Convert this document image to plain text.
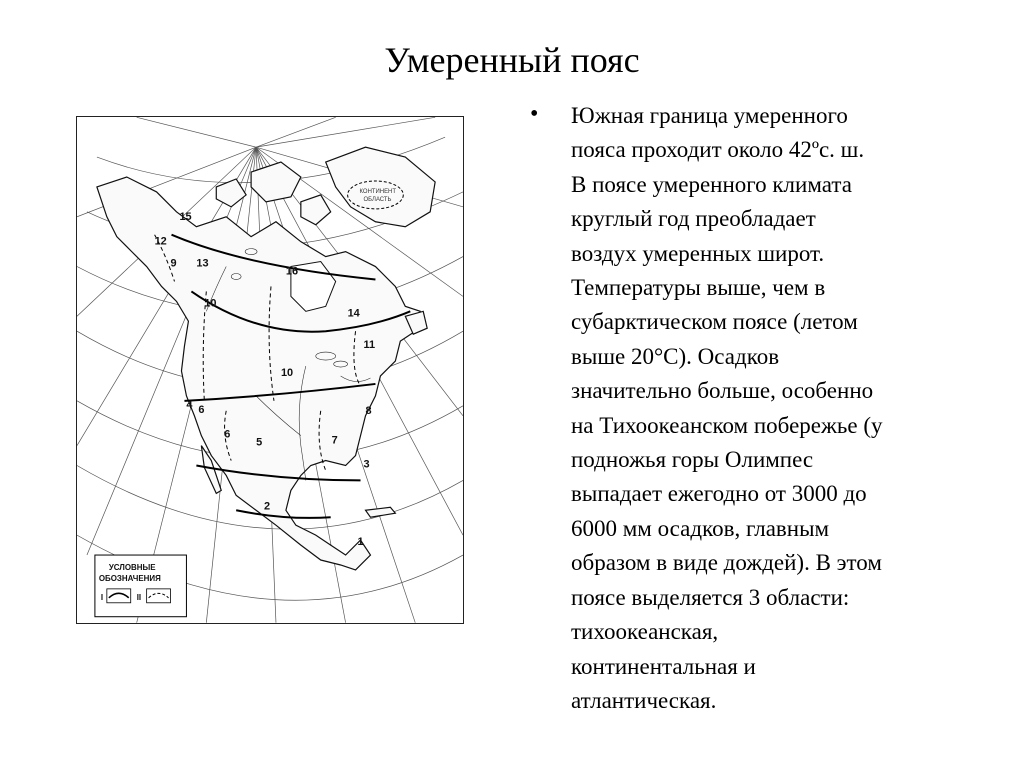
Умеренный пояс
КОНТИНЕНТ
ОБЛАСТЬ
15
12
9 13
16
10
14
11
10
4 6	8
6
5	7
3
2
1
УСЛОВНЫЕ
ОБОЗНАЧЕНИЯ
I	II
• Южная граница умеренного
пояса проходит около 42ºс. ш.
В поясе умеренного климата
круглый год преобладает
воздух умеренных широт.
Температуры выше, чем в
субарктическом поясе (летом
выше 20°С). Осадков
значительно больше, особенно
на Тихоокеанском побережье (у
подножья горы Олимпес
выпадает ежегодно от 3000 до
6000 мм осадков, главным
образом в виде дождей). В этом
поясе выделяется 3 области:
тихоокеанская,
континентальная и
атлантическая.
